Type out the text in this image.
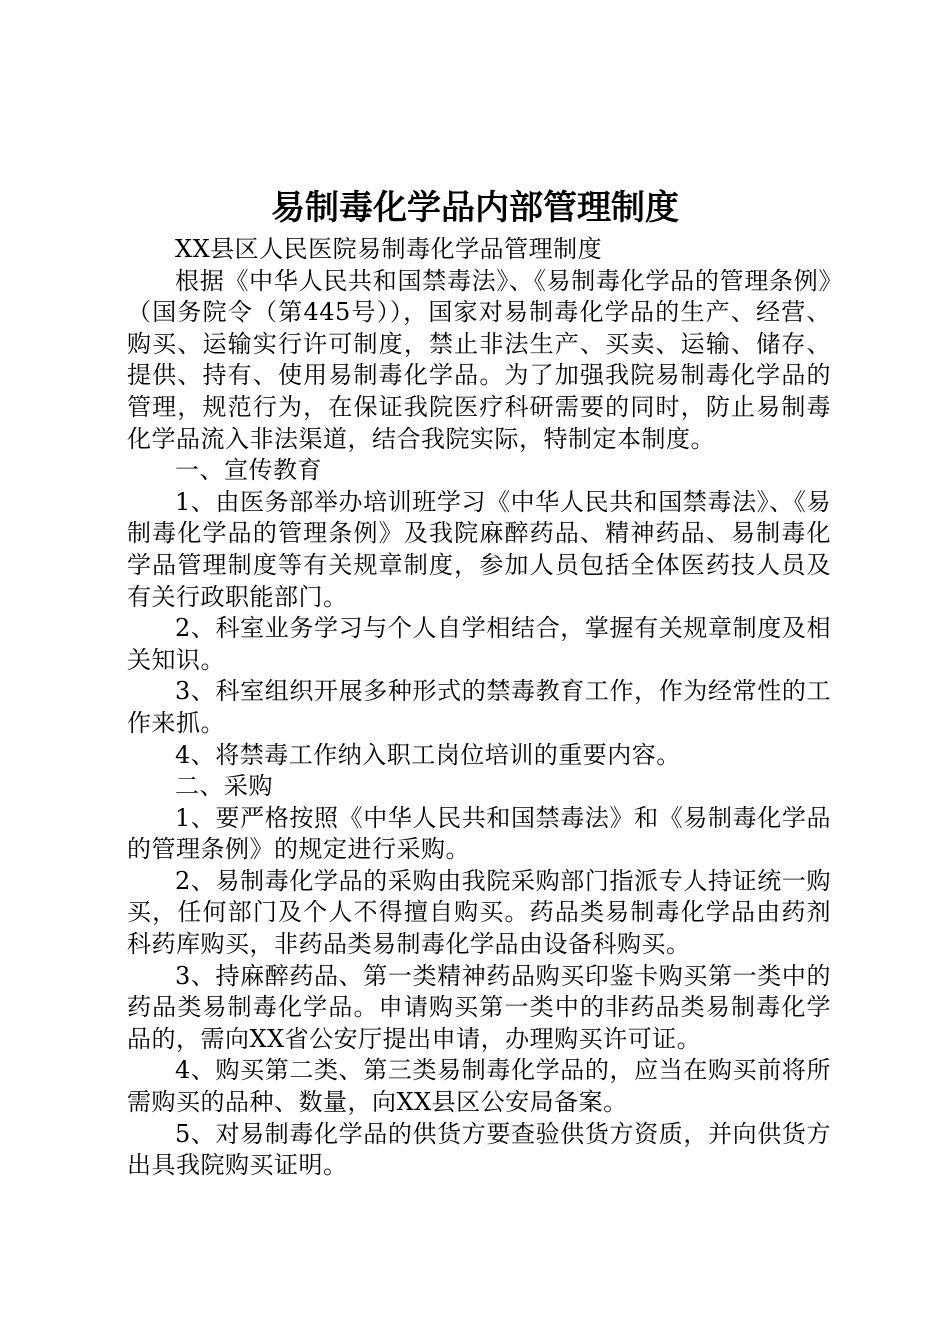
易制毒化学品内部管理制度

XX县区人民医院易制毒化学品管理制度

根据《中华人民共和国禁毒法》、《易制毒化学品的管理条例》（国务院令（第445号）），国家对易制毒化学品的生产、经营、购买、运输实行许可制度，禁止非法生产、买卖、运输、储存、提供、持有、使用易制毒化学品。为了加强我院易制毒化学品的管理，规范行为，在保证我院医疗科研需要的同时，防止易制毒化学品流入非法渠道，结合我院实际，特制定本制度。

一、宣传教育

1、由医务部举办培训班学习《中华人民共和国禁毒法》、《易制毒化学品的管理条例》及我院麻醉药品、精神药品、易制毒化学品管理制度等有关规章制度，参加人员包括全体医药技人员及有关行政职能部门。

2、科室业务学习与个人自学相结合，掌握有关规章制度及相关知识。

3、科室组织开展多种形式的禁毒教育工作，作为经常性的工作来抓。

4、将禁毒工作纳入职工岗位培训的重要内容。

二、采购

1、要严格按照《中华人民共和国禁毒法》和《易制毒化学品的管理条例》的规定进行采购。

2、易制毒化学品的采购由我院采购部门指派专人持证统一购买，任何部门及个人不得擅自购买。药品类易制毒化学品由药剂科药库购买，非药品类易制毒化学品由设备科购买。

3、持麻醉药品、第一类精神药品购买印鉴卡购买第一类中的药品类易制毒化学品。申请购买第一类中的非药品类易制毒化学品的，需向XX省公安厅提出申请，办理购买许可证。

4、购买第二类、第三类易制毒化学品的，应当在购买前将所需购买的品种、数量，向XX县区公安局备案。

5、对易制毒化学品的供货方要查验供货方资质，并向供货方出具我院购买证明。
